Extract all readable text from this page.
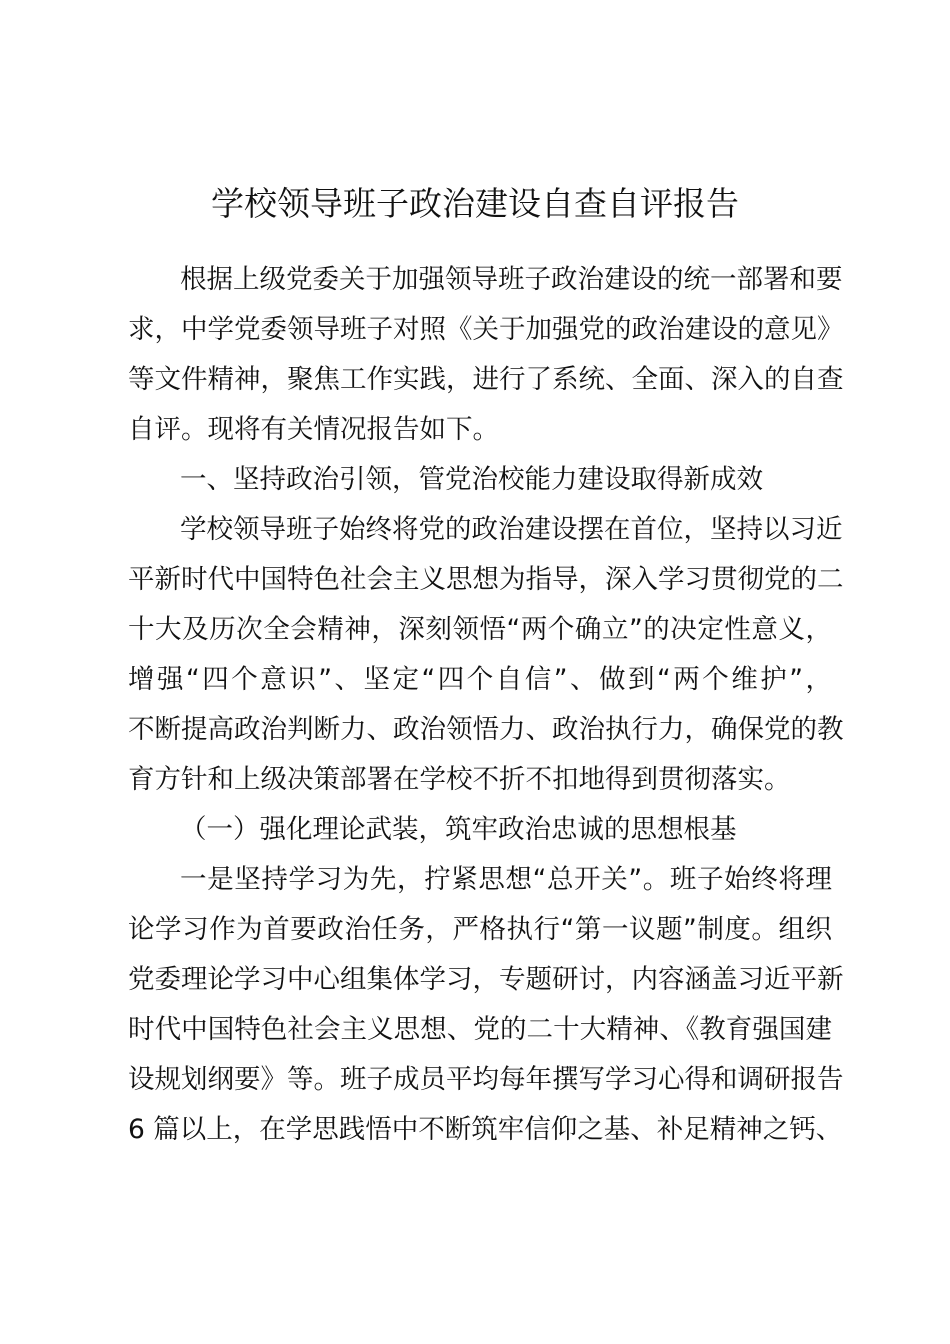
学校领导班子政治建设自查自评报告
根据上级党委关于加强领导班子政治建设的统一部署和要
求，中学党委领导班子对照《关于加强党的政治建设的意见》
等文件精神，聚焦工作实践，进行了系统、全面、深入的自查
自评。现将有关情况报告如下。
一、坚持政治引领，管党治校能力建设取得新成效
学校领导班子始终将党的政治建设摆在首位，坚持以习近
平新时代中国特色社会主义思想为指导，深入学习贯彻党的二
十大及历次全会精神，深刻领悟“两个确立”的决定性意义，
增强“四个意识”、坚定“四个自信”、做到“两个维护”，
不断提高政治判断力、政治领悟力、政治执行力，确保党的教
育方针和上级决策部署在学校不折不扣地得到贯彻落实。
（一）强化理论武装，筑牢政治忠诚的思想根基
一是坚持学习为先，拧紧思想“总开关”。班子始终将理
论学习作为首要政治任务，严格执行“第一议题”制度。组织
党委理论学习中心组集体学习，专题研讨，内容涵盖习近平新
时代中国特色社会主义思想、党的二十大精神、《教育强国建
设规划纲要》等。班子成员平均每年撰写学习心得和调研报告
6 篇以上，在学思践悟中不断筑牢信仰之基、补足精神之钙、
